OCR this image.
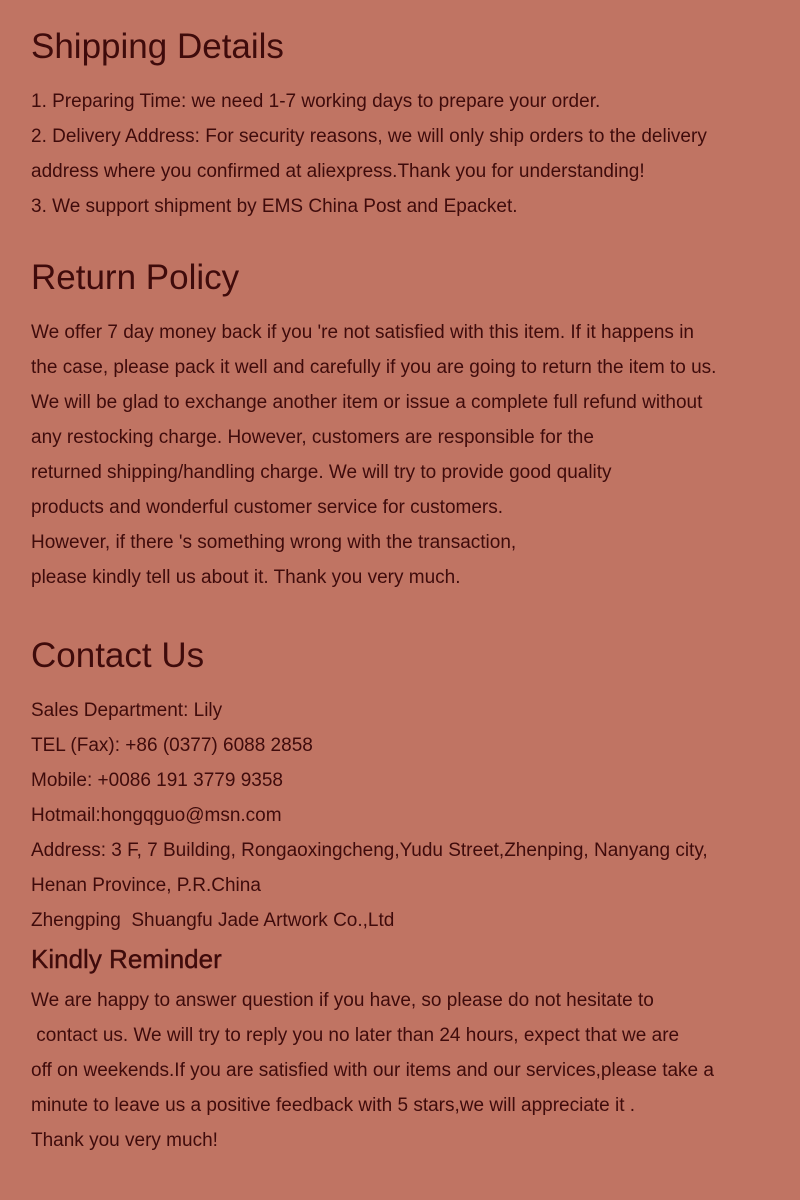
Shipping Details
1. Preparing Time: we need 1-7 working days to prepare your order.
2. Delivery Address: For security reasons, we will only ship orders to the delivery
address where you confirmed at aliexpress.Thank you for understanding!
3. We support shipment by EMS China Post and Epacket.
Return Policy
We offer 7 day money back if you 're not satisfied with this item. If it happens in
the case, please pack it well and carefully if you are going to return the item to us.
We will be glad to exchange another item or issue a complete full refund without
any restocking charge. However, customers are responsible for the
returned shipping/handling charge. We will try to provide good quality
products and wonderful customer service for customers.
However, if there 's something wrong with the transaction,
please kindly tell us about it. Thank you very much.
Contact Us
Sales Department: Lily
TEL (Fax): +86 (0377) 6088 2858
Mobile: +0086 191 3779 9358
Hotmail:hongqguo@msn.com
Address: 3 F, 7 Building, Rongaoxingcheng,Yudu Street,Zhenping, Nanyang city,
Henan Province, P.R.China
Zhengping  Shuangfu Jade Artwork Co.,Ltd
Kindly Reminder
We are happy to answer question if you have, so please do not hesitate to
contact us. We will try to reply you no later than 24 hours, expect that we are
off on weekends.If you are satisfied with our items and our services,please take a
minute to leave us a positive feedback with 5 stars,we will appreciate it .
Thank you very much!
